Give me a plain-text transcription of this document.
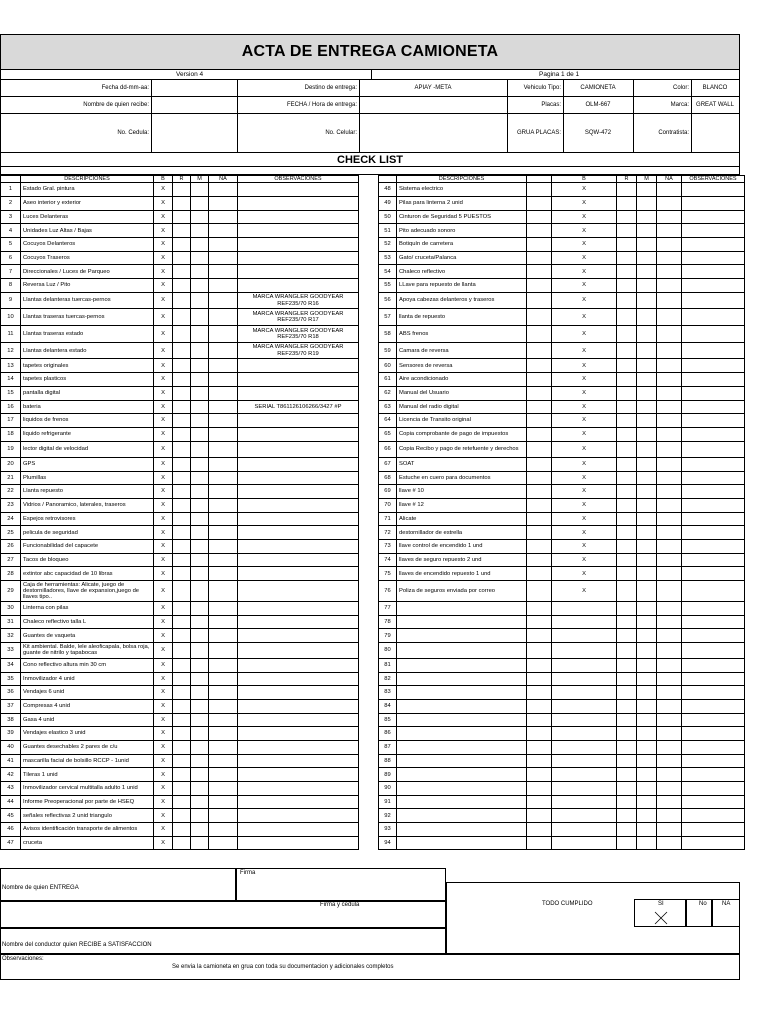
ACTA DE ENTREGA CAMIONETA
Version 4	Pagina 1 de 1
Fecha dd-mm-aa:	Destino de entrega:	APIAY -META	Vehiculo Tipo:	CAMIONETA	Color:	BLANCO
Nombre de quien recibe:	FECHA / Hora de entrega:	Placas:	OLM-667	Marca:	GREAT WALL
No. Cedula:	No. Celular:	GRUA PLACAS:	SQW-472	Contratista:
CHECK LIST
	DESCRIPCIONES	B	R	M	NA	OBSERVACIONES
1	Estado Gral. pintura	X				
2	Aseo interior y exterior	X				
3	Luces Delanteras	X				
4	Unidades Luz Altas / Bajas	X				
5	Cocuyos Delanteros	X				
6	Cocuyos Traseros	X				
7	Direccionales / Luces de Parqueo	X				
8	Reversa Luz / Pito	X				
9	Llantas delanteras tuercas-pernos	X				MARCA WRANGLER GOODYEAR REF235/70 R16
10	Llantas traseras tuercas-pernos	X				MARCA WRANGLER GOODYEAR REF235/70 R17
11	Llantas traseras estado	X				MARCA WRANGLER GOODYEAR REF235/70 R18
12	Llantas delantera estado	X				MARCA WRANGLER GOODYEAR REF235/70 R19
13	tapetes originales	X				
14	tapetes plasticos	X				
15	pantalla digital	X				
16	bateria	X				SERIAL T861126106266/3427 #P
17	liquidos de frenos	X				
18	liquido refrigerante	X				
19	lector digital de velocidad	X				
20	GPS	X				
21	Plumillas	X				
22	Llanta repuesto	X				
23	Vidrios / Panoramico, laterales, traseros	X				
24	Espejos retrovisores	X				
25	pelicula de seguridad	X				
26	Funcionabilidad del capacete	X				
27	Tacos de bloqueo	X				
28	extintor abc capacidad de 10 libras	X				
29	Caja de herramientas: Alicate, juego de destornilladores, llave de expansion,juego de llaves tipo..	X				
30	Linterna con pilas	X				
31	Chaleco reflectivo talla L	X				
32	Guantes de vaqueta	X				
33	Kit ambiental. Balde, lele aleoficapala, bolsa roja, guante de nitrilo y tapabocas	X				
34	Cono reflectivo altura min 30 cm	X				
35	Inmovilizador 4 unid	X				
36	Vendajes 6 unid	X				
37	Compresas 4 unid	X				
38	Gasa 4 unid	X				
39	Vendajes elastico 3 unid	X				
40	Guantes desechables 2 pares de c/u	X				
41	mascarilla facial de bolsillo RCCP - 1unid	X				
42	Tileras 1 unid	X				
43	Inmovilizador cervical multitalla adulto 1 unid	X				
44	Informe Preoperacional por parte de HSEQ	X				
45	señales reflectivas 2 unid triangulo	X				
46	Avisos identificación transporte de alimentos	X				
47	cruceta	X				
	DESCRIPCIONES		B	R	M	NA	OBSERVACIONES
48	Sistema electrico		X				
49	Pilas para linterna 2 unid		X				
50	Cinturon de Seguridad 5 PUESTOS		X				
51	Pito adecuado sonoro		X				
52	Botiquín de carretera		X				
53	Gato/ cruceta/Palanca		X				
54	Chaleco reflectivo		X				
55	LLave para repuesto de llanta		X				
56	Apoya cabezas delanteros y traseros		X				
57	llanta de repuesto		X				
58	ABS frenos		X				
59	Camara de reversa		X				
60	Sensores de reversa		X				
61	Aire acondicionado		X				
62	Manual del Usuario		X				
63	Manual del radio digital		X				
64	Licencia de Transito original		X				
65	Copia comprobante de pago de impuestos		X				
66	Copia Recibo y pago de retefuente y derechos		X				
67	SOAT		X				
68	Estuche en cuero para documentos		X				
69	llave # 10		X				
70	llave # 12		X				
71	Alicate		X				
72	destornillador de estrella		X				
73	llave control de encendido 1 und		X				
74	llaves de seguro repuesto 2 und		X				
75	llaves de encendido repuesto 1 und		X				
76	Poliza de seguros enviada por correo		X				
77							
78							
79							
80							
81							
82							
83							
84							
85							
86							
87							
88							
89							
90							
91							
92							
93							
94							
Firma
Nombre de quien ENTREGA
Firma y cedula
Nombre del conductor quien RECIBE a SATISFACCION
TODO CUMPLIDO	SI	No	NA
Observaciones:
Se envia la camioneta en grua con toda su documentacion y adicionales completos
